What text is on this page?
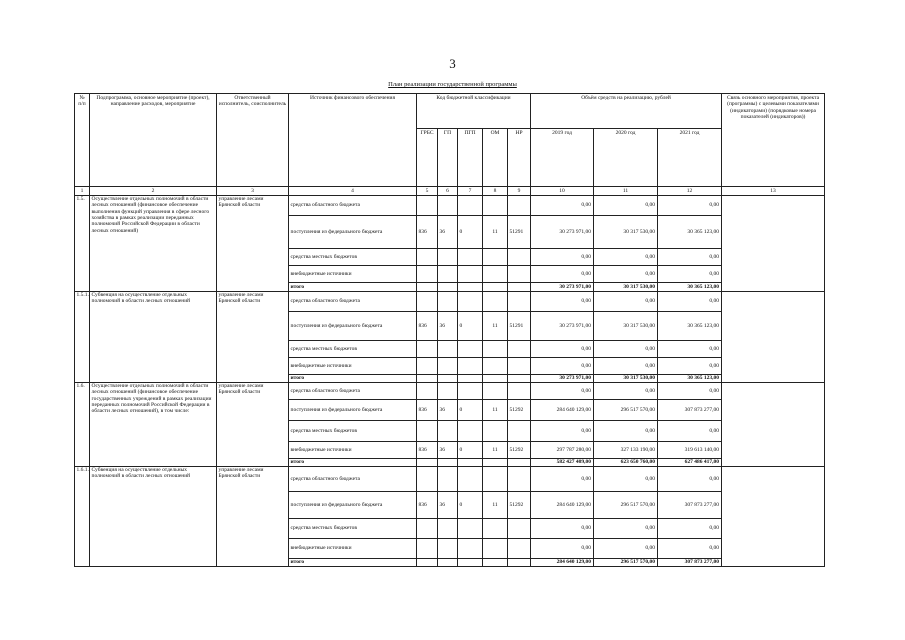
3
План реализации государственной программы
№ п/п	Подпрограмма, основное мероприятие (проект), направление расходов, мероприятие	Ответственный исполнитель, соисполнитель	Источник финансового обеспечения	Код бюджетной классификации					Объём средств на реализацию, рублей			Связь основного мероприятия, проекта (программы) с целевыми показателями (индикаторами) (порядковые номера показателей (индикаторов))
				ГРБС	ГП	ПГП	ОМ	НР	2019 год	2020 год	2021 год	
1	2	3	4	5	6	7	8	9	10	11	12	13
1.5.	Осуществление отдельных полномочий в области лесных отношений (финансовое обеспечение выполнения функций управления в сфере лесного хозяйства в рамках реализации переданных полномочий Российской Федерации в области лесных отношений)	управление лесами Брянской области	средства областного бюджета						0,00	0,00	0,00	
			поступления из федерального бюджета	836	36	0	11	51291	30 273 971,00	30 317 530,00	30 365 123,00	
			средства местных бюджетов						0,00	0,00	0,00	
			внебюджетные источники						0,00	0,00	0,00	
			итого						30 273 971,00	30 317 530,00	30 365 123,00	
1.5.1.	Субвенция на осуществление отдельных полномочий в области лесных отношений	управление лесами Брянской области	средства областного бюджета						0,00	0,00	0,00	
			поступления из федерального бюджета	836	36	0	11	51291	30 273 971,00	30 317 530,00	30 365 123,00	
			средства местных бюджетов						0,00	0,00	0,00	
			внебюджетные источники						0,00	0,00	0,00	
			итого						30 273 971,00	30 317 530,00	30 365 123,00	
1.6.	Осуществление отдельных полномочий в области лесных отношений (финансовое обеспечение государственных учреждений в рамках реализации переданных полномочий Российской Федерации в области лесных отношений), в том числе:	управление лесами Брянской области	средства областного бюджета						0,00	0,00	0,00	
			поступления из федерального бюджета	836	36	0	11	51292	284 640 129,00	296 517 570,00	307 873 277,00	
			средства местных бюджетов						0,00	0,00	0,00	
			внебюджетные источники	836	36	0	11	51292	297 787 280,00	327 133 190,00	319 613 140,00	
			итого						582 427 409,00	623 650 760,00	627 486 417,00	
1.6.1.	Субвенция на осуществление отдельных полномочий в области лесных отношений	управление лесами Брянской области	средства областного бюджета						0,00	0,00	0,00	
			поступления из федерального бюджета	836	36	0	11	51292	284 640 129,00	296 517 570,00	307 873 277,00	
			средства местных бюджетов						0,00	0,00	0,00	
			внебюджетные источники						0,00	0,00	0,00	
			итого						284 640 129,00	296 517 570,00	307 873 277,00	
